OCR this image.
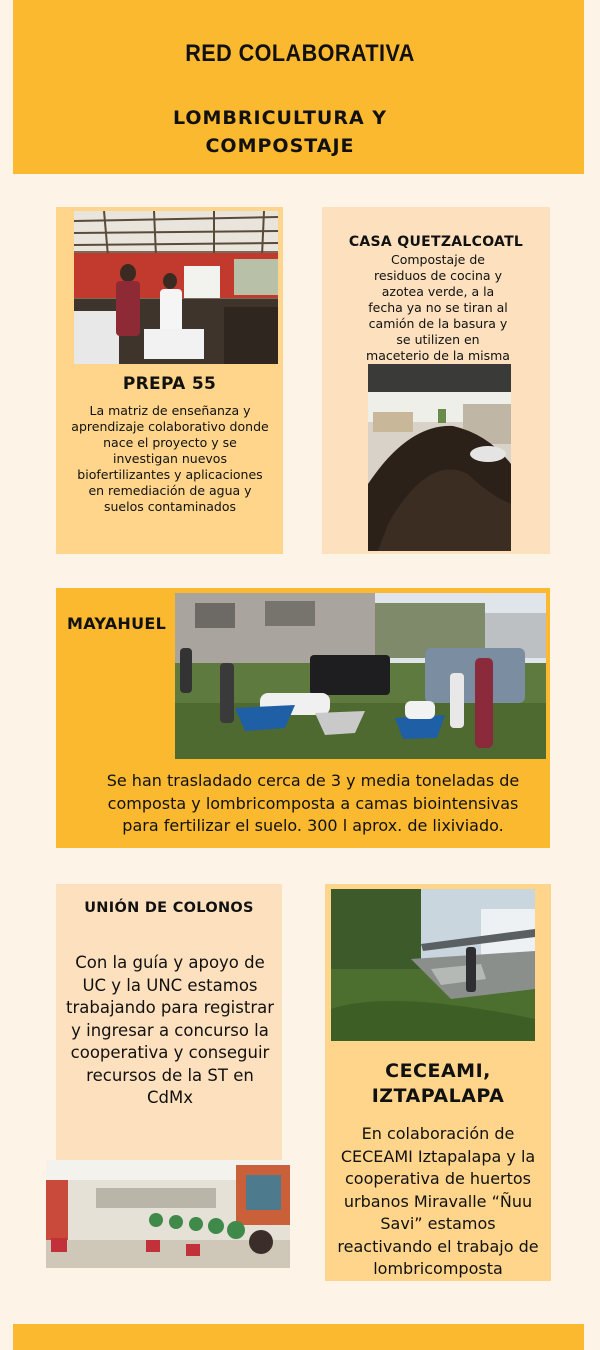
RED COLABORATIVA
LOMBRICULTURA Y
COMPOSTAJE
PREPA 55
La matriz de enseñanza y aprendizaje colaborativo donde nace el proyecto y se investigan nuevos biofertilizantes y aplicaciones en remediación de agua y suelos contaminados
CASA QUETZALCOATL
Compostaje de residuos de cocina y azotea verde, a la fecha ya no se tiran al camión de la basura y se utilizen en maceterio de la misma
MAYAHUEL
Se han trasladado cerca de 3 y media toneladas de composta y lombricomposta a camas biointensivas para fertilizar el suelo. 300 l aprox. de lixiviado.
UNIÓN DE COLONOS
Con la guía y apoyo de UC y la UNC estamos trabajando para registrar y ingresar a concurso la cooperativa y conseguir recursos de la ST en CdMx
CECEAMI,
IZTAPALAPA
En colaboración de CECEAMI Iztapalapa y la cooperativa de huertos urbanos Miravalle “Ñuu Savi” estamos reactivando el trabajo de lombricomposta
